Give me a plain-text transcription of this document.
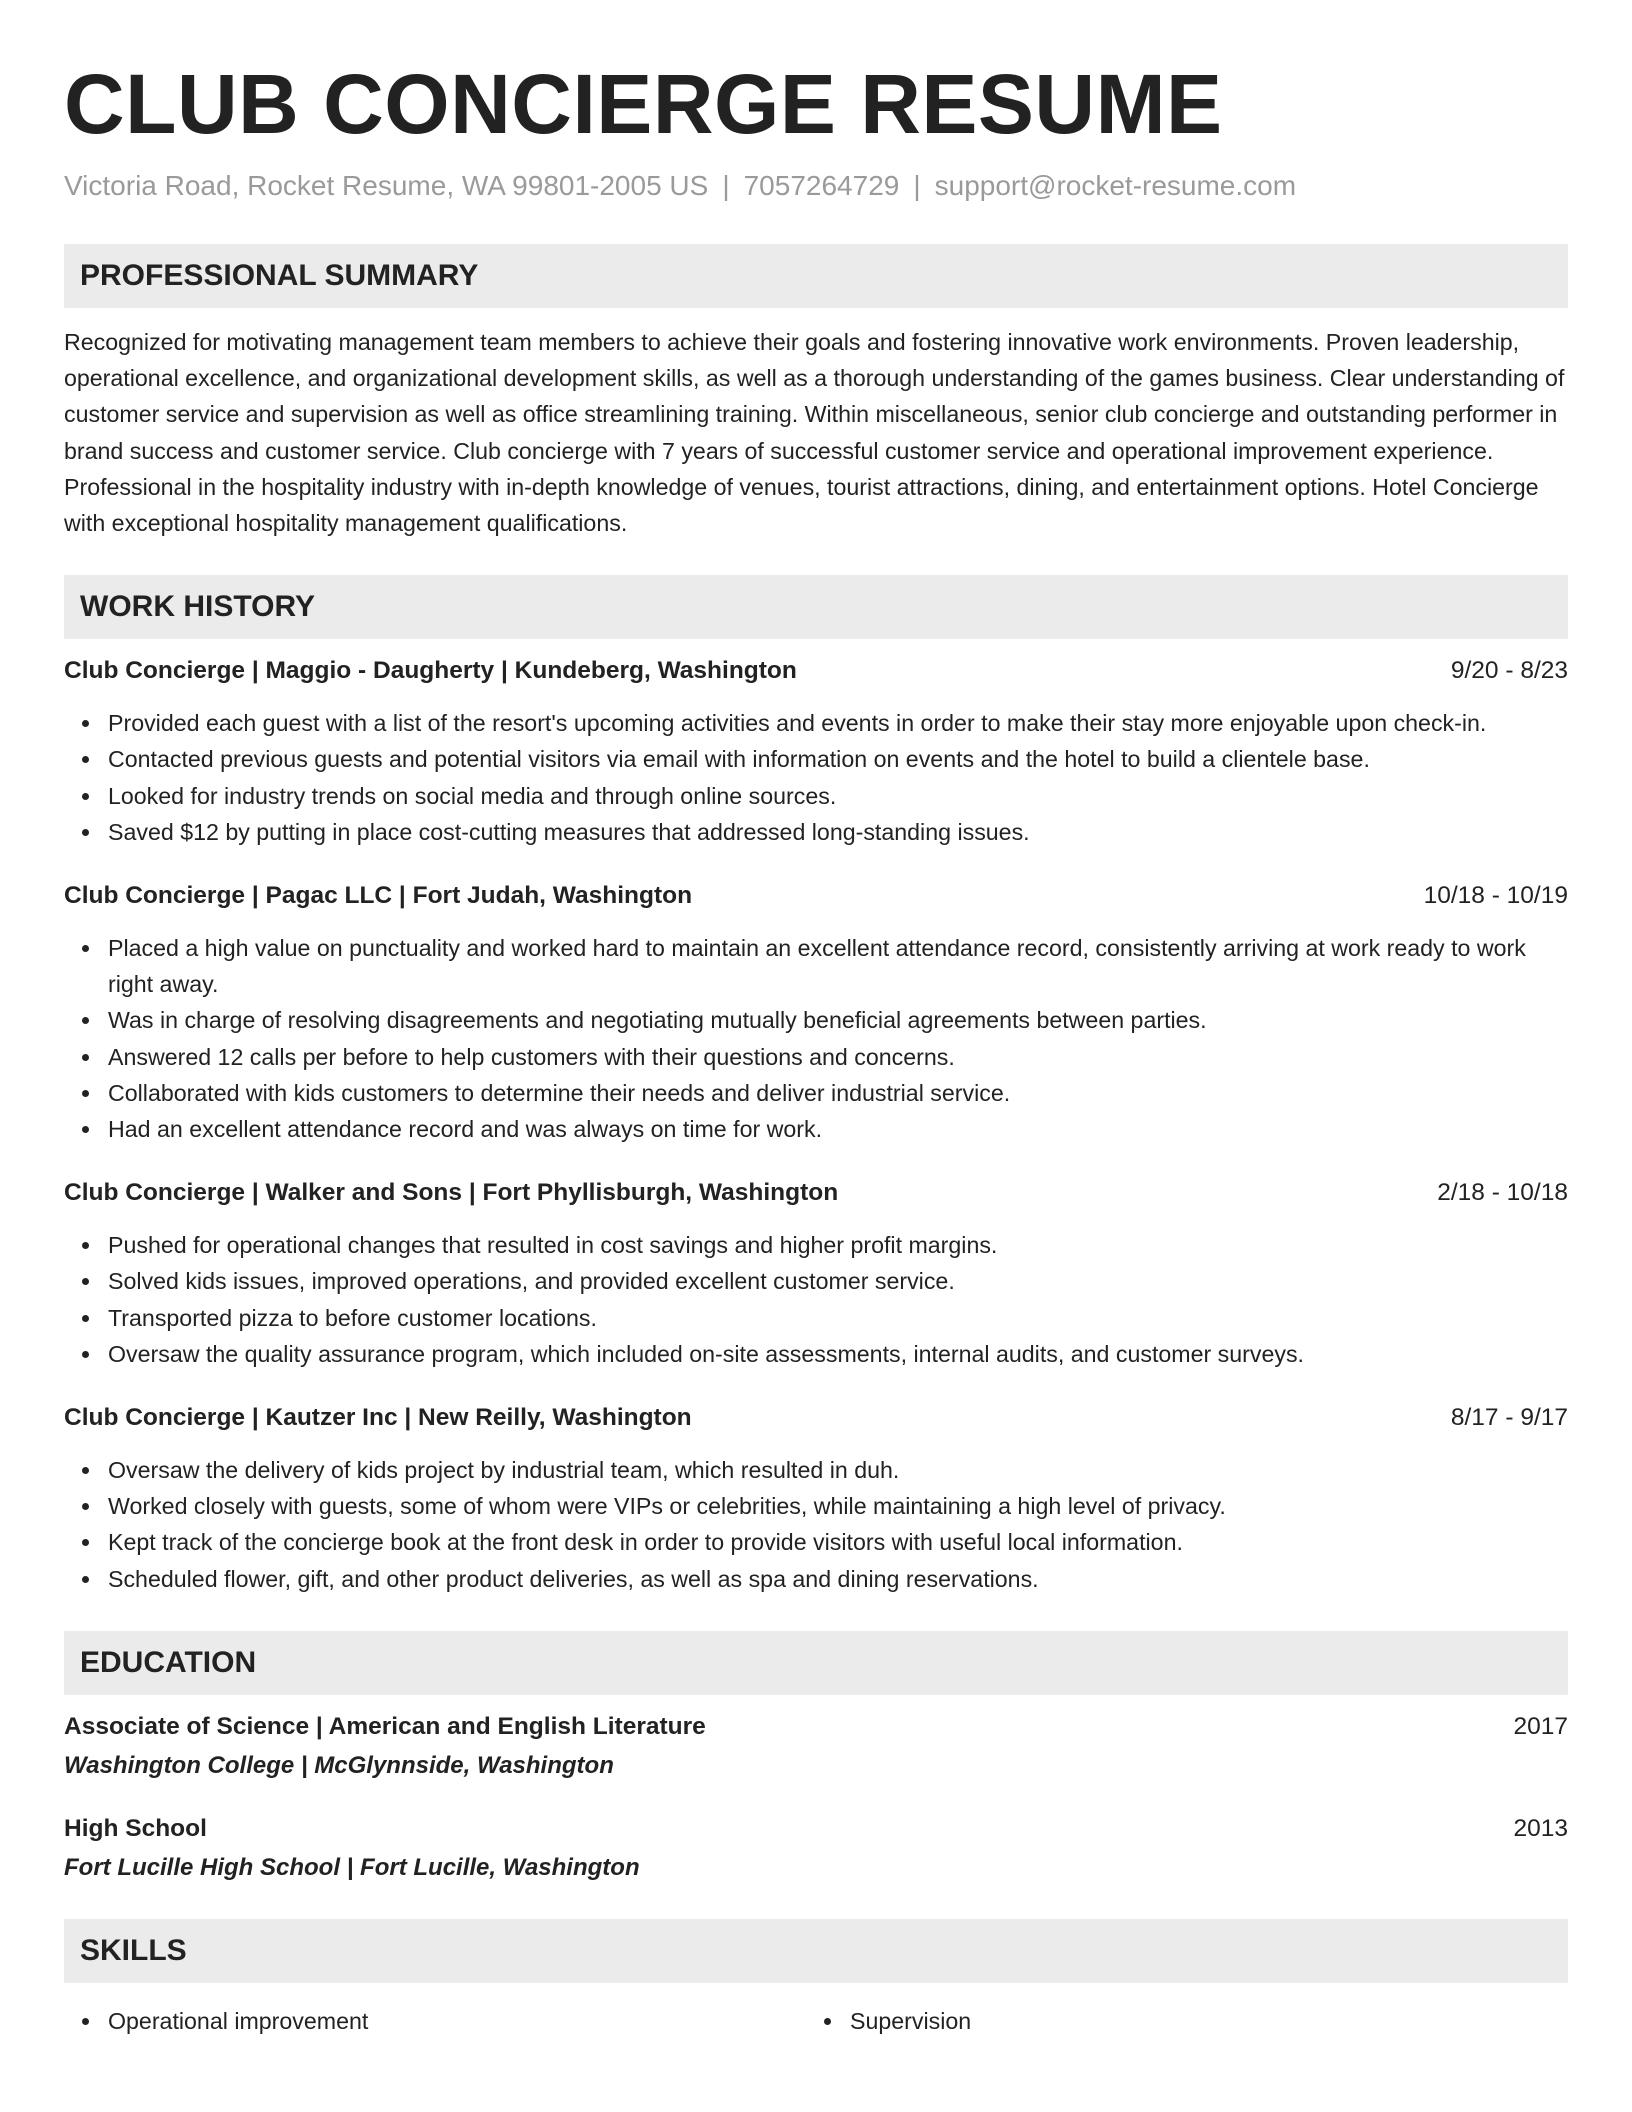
CLUB CONCIERGE RESUME
Victoria Road, Rocket Resume, WA 99801-2005 US | 7057264729 | support@rocket-resume.com
PROFESSIONAL SUMMARY

Recognized for motivating management team members to achieve their goals and fostering innovative work environments. Proven leadership, operational excellence, and organizational development skills, as well as a thorough understanding of the games business. Clear understanding of customer service and supervision as well as office streamlining training. Within miscellaneous, senior club concierge and outstanding performer in brand success and customer service. Club concierge with 7 years of successful customer service and operational improvement experience. Professional in the hospitality industry with in-depth knowledge of venues, tourist attractions, dining, and entertainment options. Hotel Concierge with exceptional hospitality management qualifications.

WORK HISTORY
Club Concierge | Maggio - Daugherty | Kundeberg, Washington	9/20 - 8/23
Provided each guest with a list of the resort's upcoming activities and events in order to make their stay more enjoyable upon check-in.
Contacted previous guests and potential visitors via email with information on events and the hotel to build a clientele base.
Looked for industry trends on social media and through online sources.
Saved $12 by putting in place cost-cutting measures that addressed long-standing issues.
Club Concierge | Pagac LLC | Fort Judah, Washington	10/18 - 10/19
Placed a high value on punctuality and worked hard to maintain an excellent attendance record, consistently arriving at work ready to work right away.
Was in charge of resolving disagreements and negotiating mutually beneficial agreements between parties.
Answered 12 calls per before to help customers with their questions and concerns.
Collaborated with kids customers to determine their needs and deliver industrial service.
Had an excellent attendance record and was always on time for work.
Club Concierge | Walker and Sons | Fort Phyllisburgh, Washington	2/18 - 10/18
Pushed for operational changes that resulted in cost savings and higher profit margins.
Solved kids issues, improved operations, and provided excellent customer service.
Transported pizza to before customer locations.
Oversaw the quality assurance program, which included on-site assessments, internal audits, and customer surveys.
Club Concierge | Kautzer Inc | New Reilly, Washington	8/17 - 9/17
Oversaw the delivery of kids project by industrial team, which resulted in duh.
Worked closely with guests, some of whom were VIPs or celebrities, while maintaining a high level of privacy.
Kept track of the concierge book at the front desk in order to provide visitors with useful local information.
Scheduled flower, gift, and other product deliveries, as well as spa and dining reservations.
EDUCATION
Associate of Science | American and English Literature	2017
Washington College | McGlynnside, Washington
High School	2013
Fort Lucille High School | Fort Lucille, Washington
SKILLS
Operational improvement	Supervision
